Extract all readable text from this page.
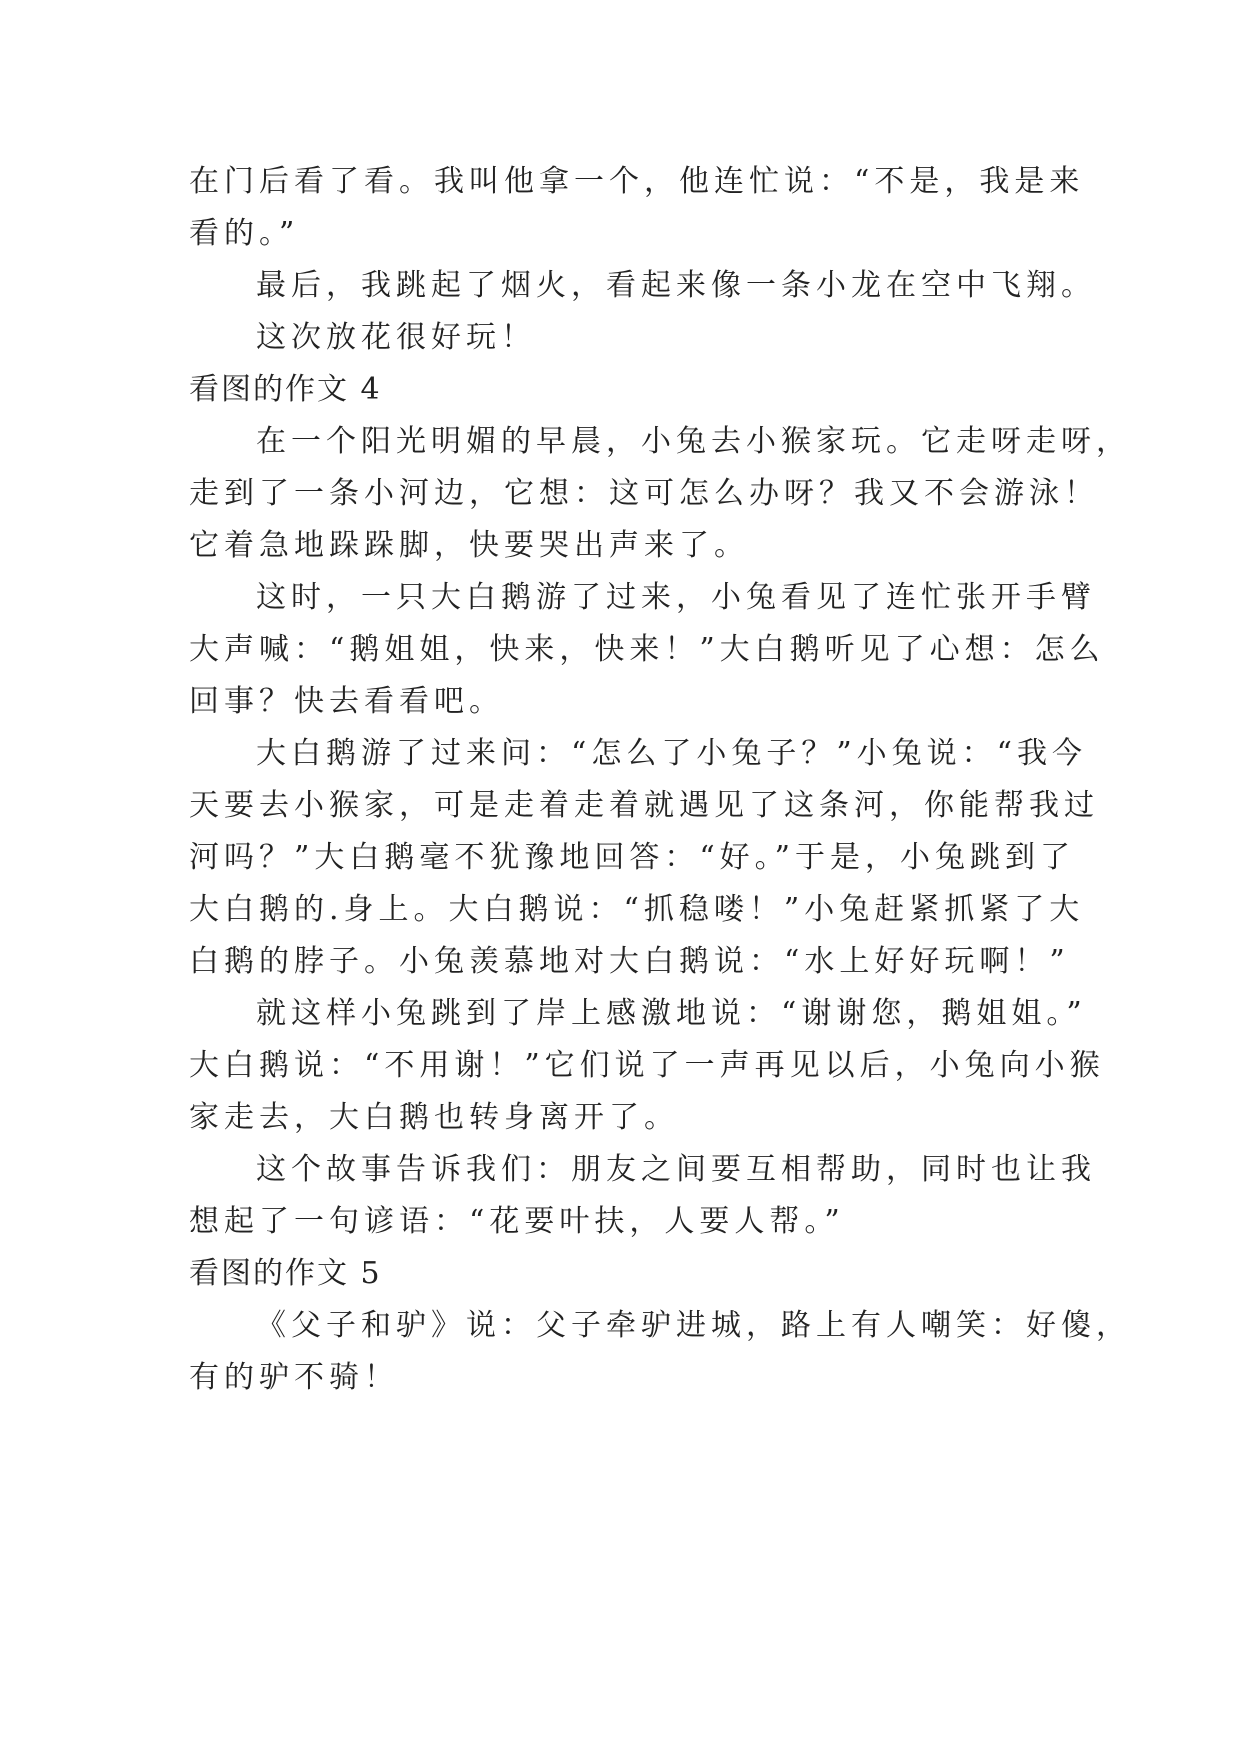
在门后看了看。我叫他拿一个，他连忙说：“不是，我是来
看的。”
最后，我跳起了烟火，看起来像一条小龙在空中飞翔。
这次放花很好玩！
看图的作文 4
在一个阳光明媚的早晨，小兔去小猴家玩。它走呀走呀，
走到了一条小河边，它想：这可怎么办呀？我又不会游泳！
它着急地跺跺脚，快要哭出声来了。
这时，一只大白鹅游了过来，小兔看见了连忙张开手臂
大声喊：“鹅姐姐，快来，快来！”大白鹅听见了心想：怎么
回事？快去看看吧。
大白鹅游了过来问：“怎么了小兔子？”小兔说：“我今
天要去小猴家，可是走着走着就遇见了这条河，你能帮我过
河吗？”大白鹅毫不犹豫地回答：“好。”于是，小兔跳到了
大白鹅的.身上。大白鹅说：“抓稳喽！”小兔赶紧抓紧了大
白鹅的脖子。小兔羡慕地对大白鹅说：“水上好好玩啊！”
就这样小兔跳到了岸上感激地说：“谢谢您，鹅姐姐。”
大白鹅说：“不用谢！”它们说了一声再见以后，小兔向小猴
家走去，大白鹅也转身离开了。
这个故事告诉我们：朋友之间要互相帮助，同时也让我
想起了一句谚语：“花要叶扶，人要人帮。”
看图的作文 5
《父子和驴》说：父子牵驴进城，路上有人嘲笑：好傻，
有的驴不骑！
